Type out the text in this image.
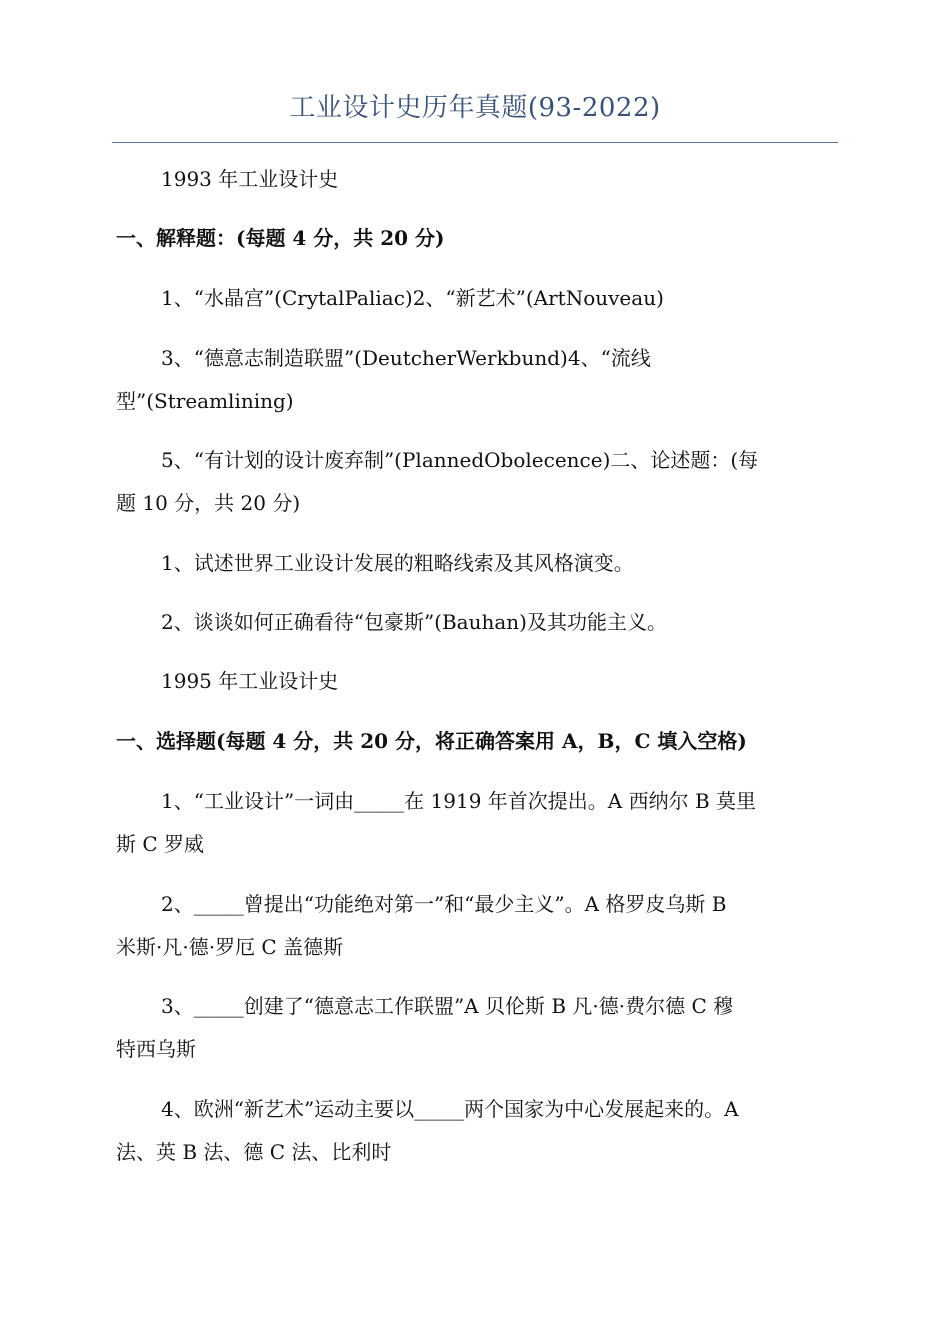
工业设计史历年真题(93-2022)

1993 年工业设计史

一、解释题：(每题 4 分，共 20 分)

1、“水晶宫”(CrytalPaliac)2、“新艺术”(ArtNouveau)

3、“德意志制造联盟”(DeutcherWerkbund)4、“流线
型”(Streamlining)

5、“有计划的设计废弃制”(PlannedObolecence)二、论述题：(每
题 10 分，共 20 分)

1、试述世界工业设计发展的粗略线索及其风格演变。

2、谈谈如何正确看待“包豪斯”(Bauhan)及其功能主义。

1995 年工业设计史

一、选择题(每题 4 分，共 20 分，将正确答案用 A，B，C 填入空格)

1、“工业设计”一词由_____在 1919 年首次提出。A 西纳尔 B 莫里
斯 C 罗威

2、_____曾提出“功能绝对第一”和“最少主义”。A 格罗皮乌斯 B
米斯·凡·德·罗厄 C 盖德斯

3、_____创建了“德意志工作联盟”A 贝伦斯 B 凡·德·费尔德 C 穆
特西乌斯

4、欧洲“新艺术”运动主要以_____两个国家为中心发展起来的。A
法、英 B 法、德 C 法、比利时
